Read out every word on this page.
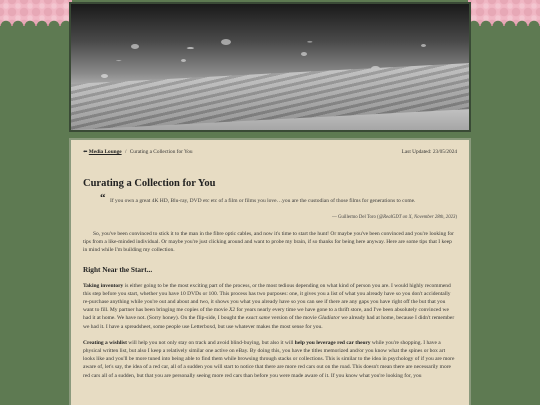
⬅ Media Lounge / Curating a Collection for You	Last Updated: 23/05/2024
Curating a Collection for You
“ If you own a great 4K HD, Blu-ray, DVD etc etc of a film or films you love…you are the custodian of those films for generations to come.
— Guillermo Del Toro (@RealGDT on X, November 28th, 2023)

So, you've been convinced to stick it to the man in the fibre optic cables, and now it's time to start the hunt! Or maybe you've been convinced and you're looking for tips from a like-minded individual. Or maybe you're just clicking around and want to probe my brain, if so thanks for being here anyway. Here are some tips that I keep in mind while I'm building my collection.

Right Near the Start...

Taking inventory is either going to be the most exciting part of the process, or the most tedious depending on what kind of person you are. I would highly recommend this step before you start, whether you have 10 DVDs or 100. This process has two purposes: one, it gives you a list of what you already have so you don't accidentally re-purchase anything while you're out and about and two, it shows you what you already have so you can see if there are any gaps you have right off the but that you want to fill. My partner has been bringing me copies of the movie X2 for years nearly every time we have gone to a thrift store, and I've been absolutely convinced we had it at home. We have not. (Sorry honey). On the flip-side, I bought the exact same version of the movie Gladiator we already had at home, because I didn't remember we had it. I have a spreadsheet, some people use Letterboxd, but use whatever makes the most sense for you.

Creating a wishlist will help you not only stay on track and avoid blind-buying, but also it will help you leverage red car theory while you're shopping. I have a physical written list, but also I keep a relatively similar one active on eBay. By doing this, you have the titles memorized and/or you know what the spines or box art looks like and you'll be more tuned into being able to find them while browsing through stacks or collections. This is similar to the idea in psychology of if you are more aware of, let's say, the idea of a red car, all of a sudden you will start to notice that there are more red cars out on the road. This doesn't mean there are necessarily more red cars all of a sudden, but that you are personally seeing more red cars than before you were made aware of it. If you know what you're looking for, you
